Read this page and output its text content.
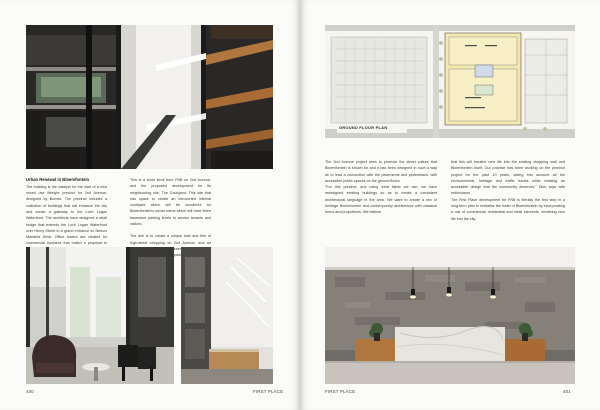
Urban Renewal in Bloemfontein

The building is the catalyst for the start of a new mixed use lifestyle precinct for 2nd Avenue, designed by Bomax. The precinct includes a collection of buildings that will enhance the city and create a gateway to the Loch Logan Waterfront. The architects have designed a retail bridge that extends the Loch Logan Waterfront over Henry Street to a grand entrance on Nelson Mandela Drive. Office towers are created for commercial business that match a proposal to

This is a short stroll from FNB on 2nd Avenue, and the proposed development for its neighbouring site, The Courtyard. This site that has space to create an introverted internal courtyard which will be wonderful for Bloemfontein's social scene which will have three basement parking levels to service tenants and visitors.

The aim is to create a unique look and feel of high-street shopping on 2nd Avenue, and an experience parking

400	FIRST PLACE
GROUND FLOOR PLAN

The 2nd Avenue project aims to promote the street culture that Bloemfontein is known for and it has been designed in such a way as to lead a connection with the pavements and pedestrians, with accessible public spaces on the ground floors.

"For this precinct, and using what fabric we can, we have redesigned existing buildings so as to create a consistent architectural language in the area. We want to create a mix of heritage Bloemfontein and contemporary architecture with classical forms and proportions. We believe

that this will breathe new life into the existing shopping mall and Bloemfontein itself. Our practice has been working on the precinct project for the past 10 years, taking into account all the environmental, heritage and traffic issues while creating an accessible design that the community deserves," Dion says with enthusiasm.

The First Place development for FNB is literally the first step in a long-term plan to revitalise the heart of Bloemfontein by incorporating a mix of commercial, residential and retail elements, breathing new life into the city.

FIRST PLACE	401
